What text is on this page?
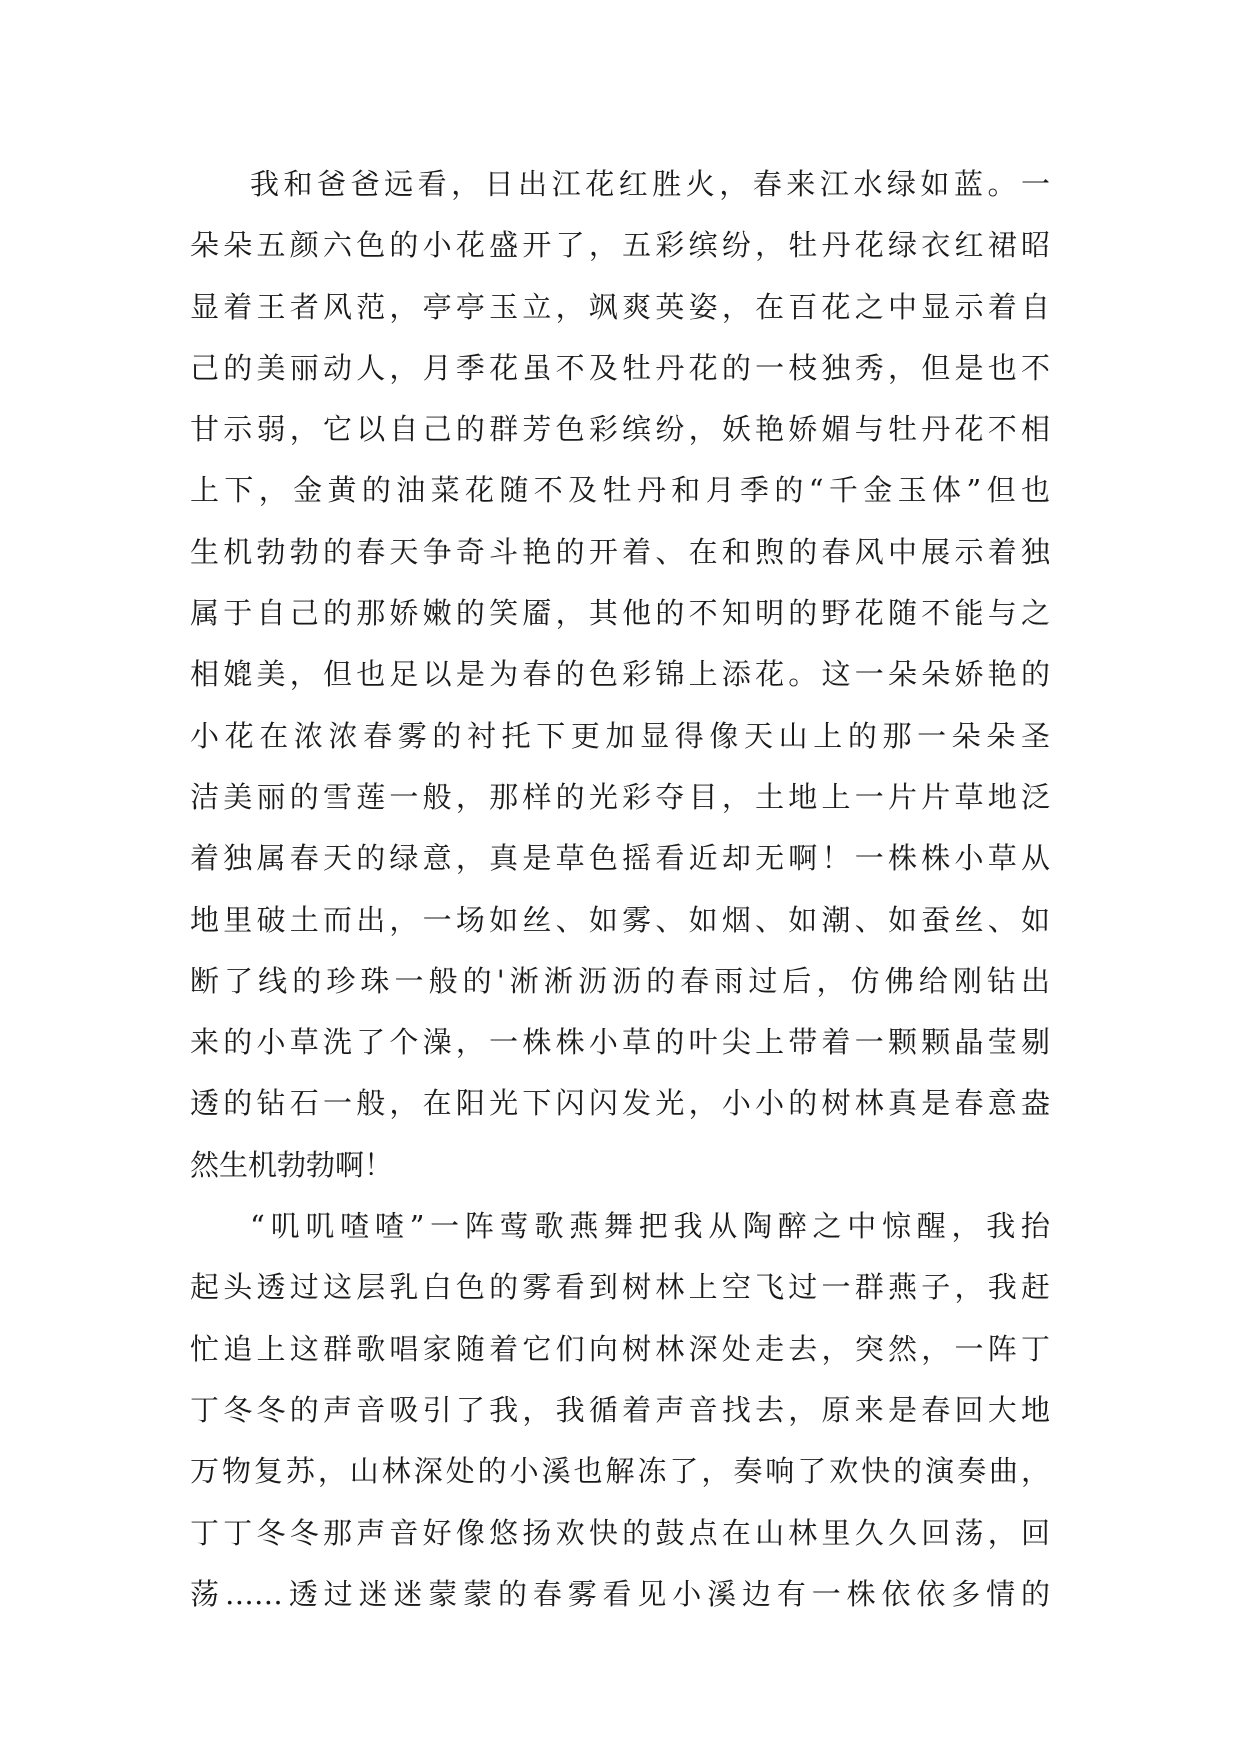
我和爸爸远看，日出江花红胜火，春来江水绿如蓝。一
朵朵五颜六色的小花盛开了，五彩缤纷，牡丹花绿衣红裙昭
显着王者风范，亭亭玉立，飒爽英姿，在百花之中显示着自
己的美丽动人，月季花虽不及牡丹花的一枝独秀，但是也不
甘示弱，它以自己的群芳色彩缤纷，妖艳娇媚与牡丹花不相
上下，金黄的油菜花随不及牡丹和月季的“千金玉体”但也
生机勃勃的春天争奇斗艳的开着、在和煦的春风中展示着独
属于自己的那娇嫩的笑靥，其他的不知明的野花随不能与之
相媲美，但也足以是为春的色彩锦上添花。这一朵朵娇艳的
小花在浓浓春雾的衬托下更加显得像天山上的那一朵朵圣
洁美丽的雪莲一般，那样的光彩夺目，土地上一片片草地泛
着独属春天的绿意，真是草色摇看近却无啊！一株株小草从
地里破土而出，一场如丝、如雾、如烟、如潮、如蚕丝、如
断了线的珍珠一般的'淅淅沥沥的春雨过后，仿佛给刚钻出
来的小草洗了个澡，一株株小草的叶尖上带着一颗颗晶莹剔
透的钻石一般，在阳光下闪闪发光，小小的树林真是春意盎
然生机勃勃啊！
“叽叽喳喳”一阵莺歌燕舞把我从陶醉之中惊醒，我抬
起头透过这层乳白色的雾看到树林上空飞过一群燕子，我赶
忙追上这群歌唱家随着它们向树林深处走去，突然，一阵丁
丁冬冬的声音吸引了我，我循着声音找去，原来是春回大地
万物复苏，山林深处的小溪也解冻了，奏响了欢快的演奏曲，
丁丁冬冬那声音好像悠扬欢快的鼓点在山林里久久回荡，回
荡……透过迷迷蒙蒙的春雾看见小溪边有一株依依多情的
